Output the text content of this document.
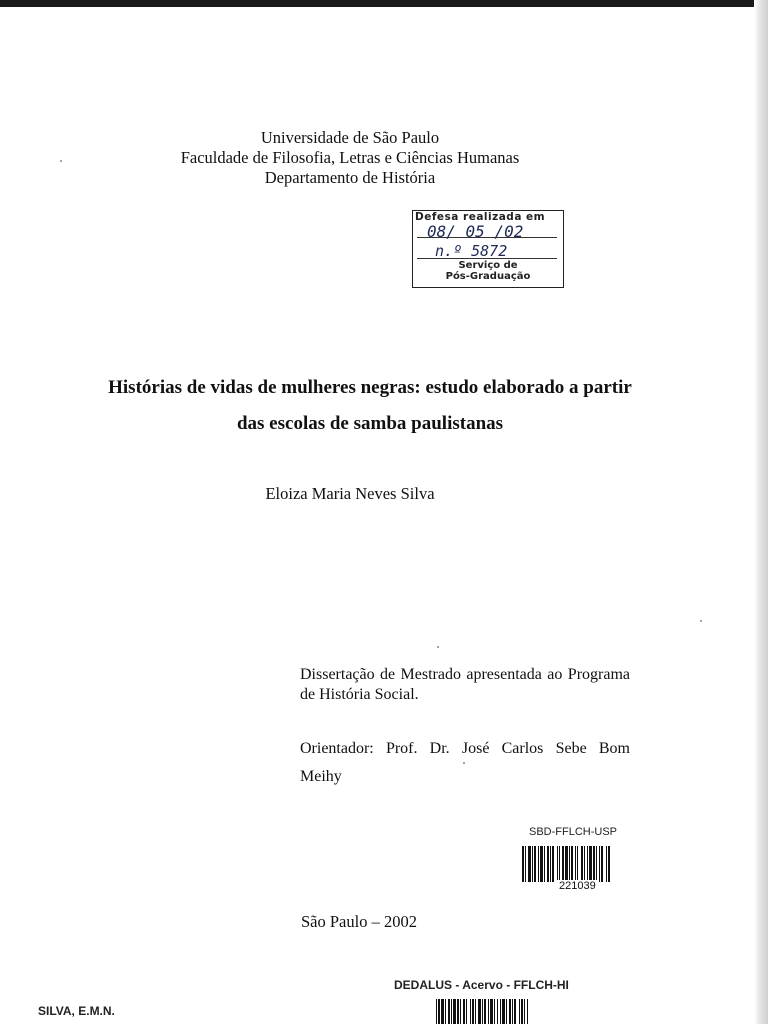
Universidade de São Paulo
Faculdade de Filosofia, Letras e Ciências Humanas
Departamento de História
Defesa realizada em
08/ 05 /02
n.º 5872
Serviço de
Pós-Graduação
Histórias de vidas de mulheres negras: estudo elaborado a partir
das escolas de samba paulistanas
Eloiza Maria Neves Silva
Dissertação de Mestrado apresentada ao Programa de História Social.
Orientador: Prof. Dr. José Carlos Sebe Bom
Meihy
SBD-FFLCH-USP
221039
São Paulo – 2002
DEDALUS - Acervo - FFLCH-HI
SILVA, E.M.N.
